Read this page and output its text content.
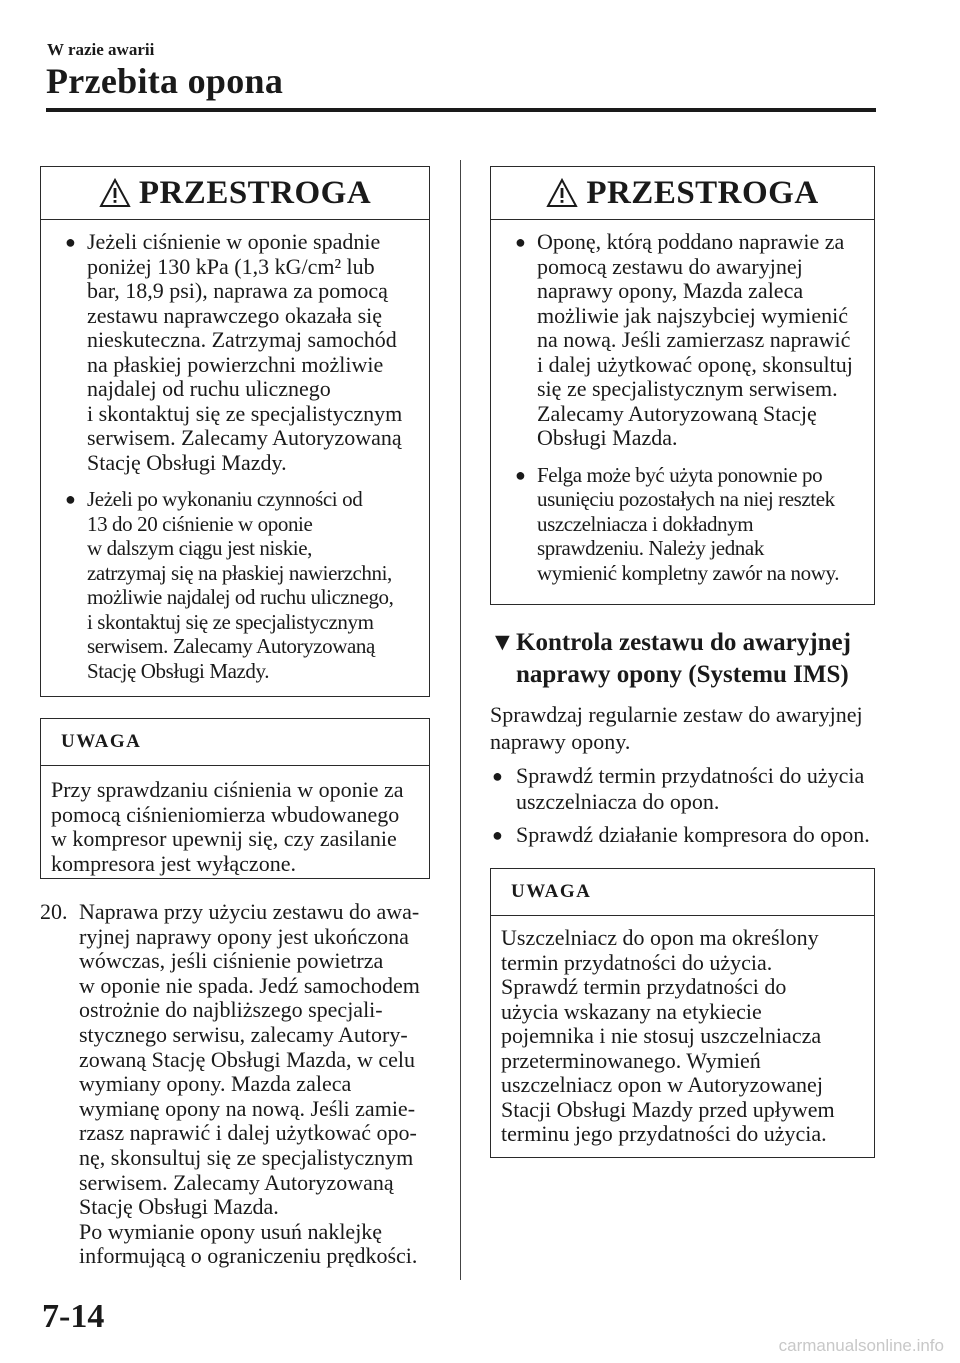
W razie awarii
Przebita opona
PRZESTROGA
● Jeżeli ciśnienie w oponie spadnie
poniżej 130 kPa (1,3 kG/cm² lub
bar, 18,9 psi), naprawa za pomocą
zestawu naprawczego okazała się
nieskuteczna. Zatrzymaj samochód
na płaskiej powierzchni możliwie
najdalej od ruchu ulicznego
i skontaktuj się ze specjalistycznym
serwisem. Zalecamy Autoryzowaną
Stację Obsługi Mazdy.
● Jeżeli po wykonaniu czynności od
13 do 20 ciśnienie w oponie
w dalszym ciągu jest niskie,
zatrzymaj się na płaskiej nawierzchni,
możliwie najdalej od ruchu ulicznego,
i skontaktuj się ze specjalistycznym
serwisem. Zalecamy Autoryzowaną
Stację Obsługi Mazdy.
UWAGA
Przy sprawdzaniu ciśnienia w oponie za
pomocą ciśnieniomierza wbudowanego
w kompresor upewnij się, czy zasilanie
kompresora jest wyłączone.
20. Naprawa przy użyciu zestawu do awa-
ryjnej naprawy opony jest ukończona
wówczas, jeśli ciśnienie powietrza
w oponie nie spada. Jedź samochodem
ostrożnie do najbliższego specjali-
stycznego serwisu, zalecamy Autory-
zowaną Stację Obsługi Mazda, w celu
wymiany opony. Mazda zaleca
wymianę opony na nową. Jeśli zamie-
rzasz naprawić i dalej użytkować opo-
nę, skonsultuj się ze specjalistycznym
serwisem. Zalecamy Autoryzowaną
Stację Obsługi Mazda.
Po wymianie opony usuń naklejkę
informującą o ograniczeniu prędkości.
PRZESTROGA
● Oponę, którą poddano naprawie za
pomocą zestawu do awaryjnej
naprawy opony, Mazda zaleca
możliwie jak najszybciej wymienić
na nową. Jeśli zamierzasz naprawić
i dalej użytkować oponę, skonsultuj
się ze specjalistycznym serwisem.
Zalecamy Autoryzowaną Stację
Obsługi Mazda.
● Felga może być użyta ponownie po
usunięciu pozostałych na niej resztek
uszczelniacza i dokładnym
sprawdzeniu. Należy jednak
wymienić kompletny zawór na nowy.
▼Kontrola zestawu do awaryjnej
naprawy opony (Systemu IMS)
Sprawdzaj regularnie zestaw do awaryjnej
naprawy opony.
● Sprawdź termin przydatności do użycia
uszczelniacza do opon.
● Sprawdź działanie kompresora do opon.
UWAGA
Uszczelniacz do opon ma określony
termin przydatności do użycia.
Sprawdź termin przydatności do
użycia wskazany na etykiecie
pojemnika i nie stosuj uszczelniacza
przeterminowanego. Wymień
uszczelniacz opon w Autoryzowanej
Stacji Obsługi Mazdy przed upływem
terminu jego przydatności do użycia.
7-14
carmanualsonline.info
